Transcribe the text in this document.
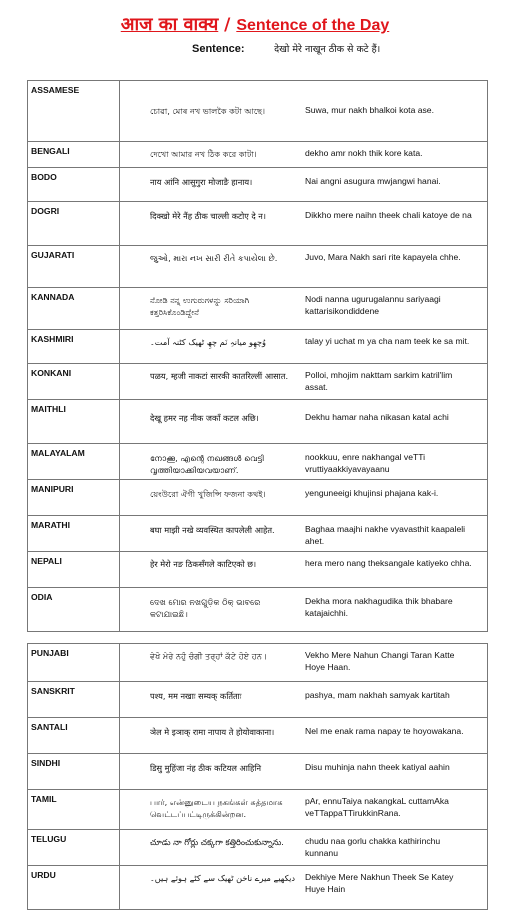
आज का वाक्य / Sentence of the Day
Sentence:	देखो मेरे नाखून ठीक से कटे हैं।
ASSAMESE	চোৱা, মোৰ নখ ভালকৈ কটা আছে। Suwa, mur nakh bhalkoi kota ase.

BENGALI	দেখো আমার নখ ঠিক করে কাটা। dekho amr nokh thik kore kata.

BODO	नाय आंनि आसुगुरा मोजाङै हानाय। Nai angni asugura mwjangwi hanai.

DOGRI	दिक्खो मेरे नैंह ठीक चाल्ली कटोए दे न। Dikkho mere naihn theek chali katoye de na

GUJARATI	જુઓ, મારા નખ સારી રીતે કપાયેલા છે. Juvo, Mara Nakh sari rite kapayela chhe.

KANNADA	ನೋಡಿ ನನ್ನ ಉಗುರುಗಳನ್ನು ಸರಿಯಾಗಿ ಕತ್ತರಿಸಿಕೊಂಡಿದ್ದೇನೆ
Nodi nanna ugurugalannu sariyaagi kattarisikondiddene

KASHMIRI	وُچھِو میانہِ نَم چھِ ٹھیک کٹنہ آمت۔ talay yi uchat m ya cha nam teek ke sa mit.

KONKANI	पळय, म्हजी नाकटां सारकी कातरिल्लीं आसात. Polloi, mhojim nakttam sarkim katril'lim assat.

MAITHLI	देखू हमर नह नीक जकाँ कटल अछि। Dekhu hamar naha nikasan katal achi

MALAYALAM	നോക്കൂ, എന്റെ നഖങ്ങൾ വെട്ടി വൃത്തിയാക്കിയവയാണ്.
nookkuu, enre nakhangal veTTi vruttiyaakkiyavayaanu

MANIPURI	য়েংউরো ঐগী খুজিন্সি ফজনা কথই। yenguneeigi khujinsi phajana kak-i.

MARATHI	बघा माझी नखे व्यवस्थित कापलेली आहेत. Baghaa maajhi nakhe vyavasthit kaapaleli ahet.

NEPALI	हेर मेरो नङ ठिकसँगले काटिएको छ। hera mero nang theksangale katiyeko chha.

ODIA	ଦେଖ ମୋର ନଖଗୁଡ଼ିକ ଠିକ୍ ଭାବରେ କଟାଯାଇଛି।
Dekha mora nakhagudika thik bhabare katajaichhi.
PUNJABI	ਵੇਖੋ ਮੇਰੇ ਨਹੁੰ ਚੰਗੀ ਤਰ੍ਹਾਂ ਕੱਟੇ ਹੋਏ ਹਨ। Vekho Mere Nahun Changi Taran Katte Hoye Haan.

SANSKRIT	पश्य, मम नखाः सम्यक् कर्तिताः pashya, mam nakhah samyak kartitah

SANTALI	ञेल मे इञाक् रामा नापाय ते होयोवाकाना। Nel me enak rama napay te hoyowakana.

SINDHI	डिसु मुहिंजा नंह ठीक कटियल आहिनि Disu muhinja nahn theek katiyal aahin

TAMIL	பார், என்னுடைய நகங்கள் சுத்தமாக வெட்டப்பட்டிருக்கின்றன.
pAr, ennuTaiya nakangkaL cuttamAka veTTappaTTirukkinRana.

TELUGU	చూడు నా గోర్లు చక్కగా కత్తిరించుకున్నాను. chudu naa gorlu chakka kathirinchu kunnanu

URDU	دیکھیے میرے ناخن ٹھیک سے کٹے ہوئے ہیں۔ Dekhiye Mere Nakhun Theek Se Katey Huye Hain
